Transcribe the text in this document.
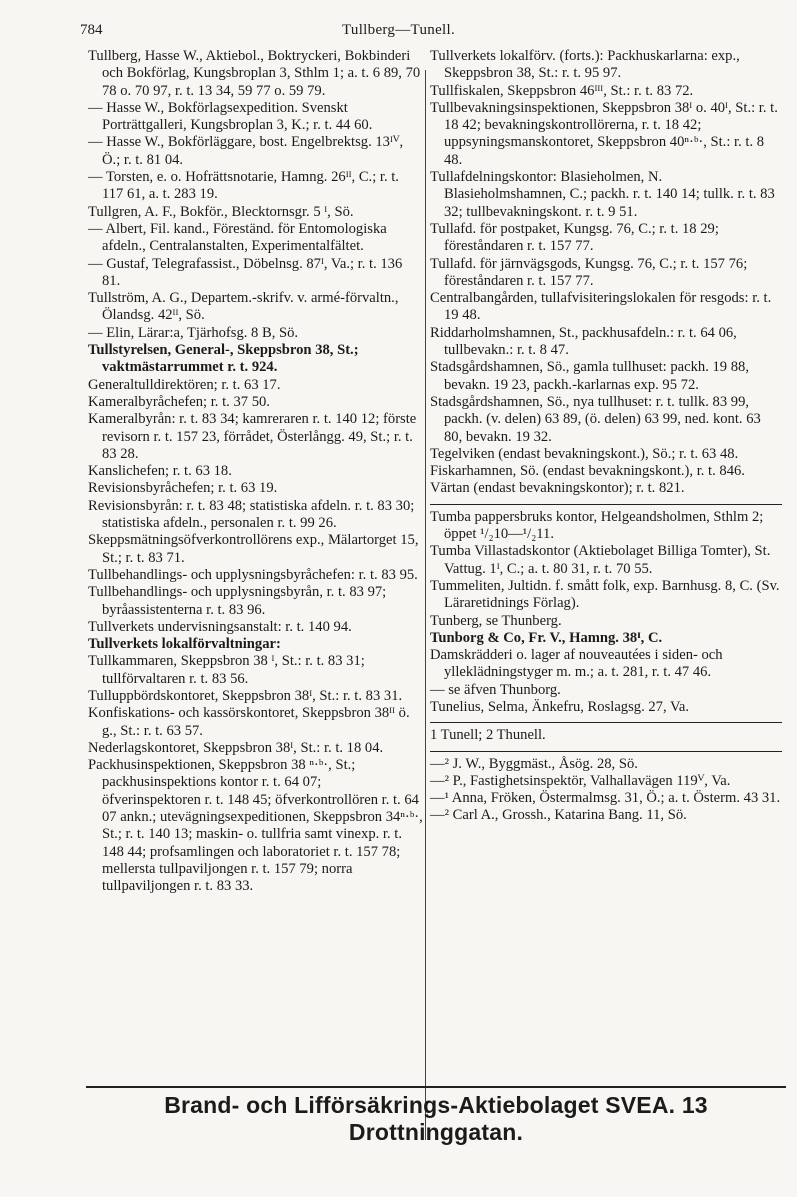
784	Tullberg—Tunell.

Tullberg, Hasse W., Aktiebol., Boktryckeri, Bokbinderi och Bokförlag, Kungsbroplan 3, Sthlm 1; a. t. 6 89, 70 78 o. 70 97, r. t. 13 34, 59 77 o. 59 79.

— Hasse W., Bokförlagsexpedition. Svenskt Porträttgalleri, Kungsbroplan 3, K.; r. t. 44 60.

— Hasse W., Bokförläggare, bost. Engelbrektsg. 13ᴵⱽ, Ö.; r. t. 81 04.

— Torsten, e. o. Hofrättsnotarie, Hamng. 26ᴵᴵ, C.; r. t. 117 61, a. t. 283 19.

Tullgren, A. F., Bokför., Blecktornsgr. 5 ᴵ, Sö.

— Albert, Fil. kand., Föreständ. för Entomologiska afdeln., Centralanstalten, Experimentalfältet.

— Gustaf, Telegrafassist., Döbelnsg. 87ᴵ, Va.; r. t. 136 81.

Tullström, A. G., Departem.-skrifv. v. armé-förvaltn., Ölandsg. 42ᴵᴵ, Sö.

— Elin, Lärar:a, Tjärhofsg. 8 B, Sö.

Tullstyrelsen, General-, Skeppsbron 38, St.; vaktmästarrummet r. t. 924.

Generaltulldirektören; r. t. 63 17.

Kameralbyråchefen; r. t. 37 50.

Kameralbyrån: r. t. 83 34; kamreraren r. t. 140 12; förste revisorn r. t. 157 23, förrådet, Österlångg. 49, St.; r. t. 83 28.

Kanslichefen; r. t. 63 18.

Revisionsbyråchefen; r. t. 63 19.

Revisionsbyrån: r. t. 83 48; statistiska afdeln. r. t. 83 30; statistiska afdeln., personalen r. t. 99 26.

Skeppsmätningsöfverkontrollörens exp., Mälartorget 15, St.; r. t. 83 71.

Tullbehandlings- och upplysningsbyråchefen: r. t. 83 95.

Tullbehandlings- och upplysningsbyrån, r. t. 83 97; byråassistenterna r. t. 83 96.

Tullverkets undervisningsanstalt: r. t. 140 94.

Tullverkets lokalförvaltningar:

Tullkammaren, Skeppsbron 38 ᴵ, St.: r. t. 83 31; tullförvaltaren r. t. 83 56.

Tulluppbördskontoret, Skeppsbron 38ᴵ, St.: r. t. 83 31.

Konfiskations- och kassörskontoret, Skeppsbron 38ᴵᴵ ö. g., St.: r. t. 63 57.

Nederlagskontoret, Skeppsbron 38ᴵ, St.: r. t. 18 04.

Packhusinspektionen, Skeppsbron 38 ⁿ·ᵇ·, St.; packhusinspektions kontor r. t. 64 07; öfverinspektoren r. t. 148 45; öfverkontrollören r. t. 64 07 ankn.; utevägningsexpeditionen, Skeppsbron 34ⁿ·ᵇ·, St.; r. t. 140 13; maskin- o. tullfria samt vinexp. r. t. 148 44; profsamlingen och laboratoriet r. t. 157 78; mellersta tullpaviljongen r. t. 157 79; norra tullpaviljongen r. t. 83 33.

Tullverkets lokalförv. (forts.): Packhuskarlarna: exp., Skeppsbron 38, St.: r. t. 95 97.

Tullfiskalen, Skeppsbron 46ᴵᴵᴵ, St.: r. t. 83 72.

Tullbevakningsinspektionen, Skeppsbron 38ᴵ o. 40ᴵ, St.: r. t. 18 42; bevakningskontrollörerna, r. t. 18 42; uppsyningsmanskontoret, Skeppsbron 40ⁿ·ᵇ·, St.: r. t. 8 48.

Tullafdelningskontor: Blasieholmen, N. Blasieholmshamnen, C.; packh. r. t. 140 14; tullk. r. t. 83 32; tullbevakningskont. r. t. 9 51.

Tullafd. för postpaket, Kungsg. 76, C.; r. t. 18 29; föreståndaren r. t. 157 77.

Tullafd. för järnvägsgods, Kungsg. 76, C.; r. t. 157 76; föreståndaren r. t. 157 77.

Centralbangården, tullafvisiteringslokalen för resgods: r. t. 19 48.

Riddarholmshamnen, St., packhusafdeln.: r. t. 64 06, tullbevakn.: r. t. 8 47.

Stadsgårdshamnen, Sö., gamla tullhuset: packh. 19 88, bevakn. 19 23, packh.-karlarnas exp. 95 72.

Stadsgårdshamnen, Sö., nya tullhuset: r. t. tullk. 83 99, packh. (v. delen) 63 89, (ö. delen) 63 99, ned. kont. 63 80, bevakn. 19 32.

Tegelviken (endast bevakningskont.), Sö.; r. t. 63 48.

Fiskarhamnen, Sö. (endast bevakningskont.), r. t. 846.

Värtan (endast bevakningskontor); r. t. 821.

Tumba pappersbruks kontor, Helgeandsholmen, Sthlm 2; öppet ¹/₂10—¹/₂11.

Tumba Villastadskontor (Aktiebolaget Billiga Tomter), St. Vattug. 1ᴵ, C.; a. t. 80 31, r. t. 70 55.

Tummeliten, Jultidn. f. smått folk, exp. Barnhusg. 8, C. (Sv. Läraretidnings Förlag).

Tunberg, se Thunberg.

Tunborg & Co, Fr. V., Hamng. 38ᴵ, C.

Damskrädderi o. lager af nouveautées i siden- och ylleklädningstyger m. m.; a. t. 281, r. t. 47 46.

— se äfven Thunborg.

Tunelius, Selma, Änkefru, Roslagsg. 27, Va.

1 Tunell; 2 Thunell.

—² J. W., Byggmäst., Åsög. 28, Sö.

—² P., Fastighetsinspektör, Valhallavägen 119ⱽ, Va.

—¹ Anna, Fröken, Östermalmsg. 31, Ö.; a. t. Österm. 43 31.

—² Carl A., Grossh., Katarina Bang. 11, Sö.

Brand- och Lifförsäkrings-Aktiebolaget SVEA. 13 Drottninggatan.
